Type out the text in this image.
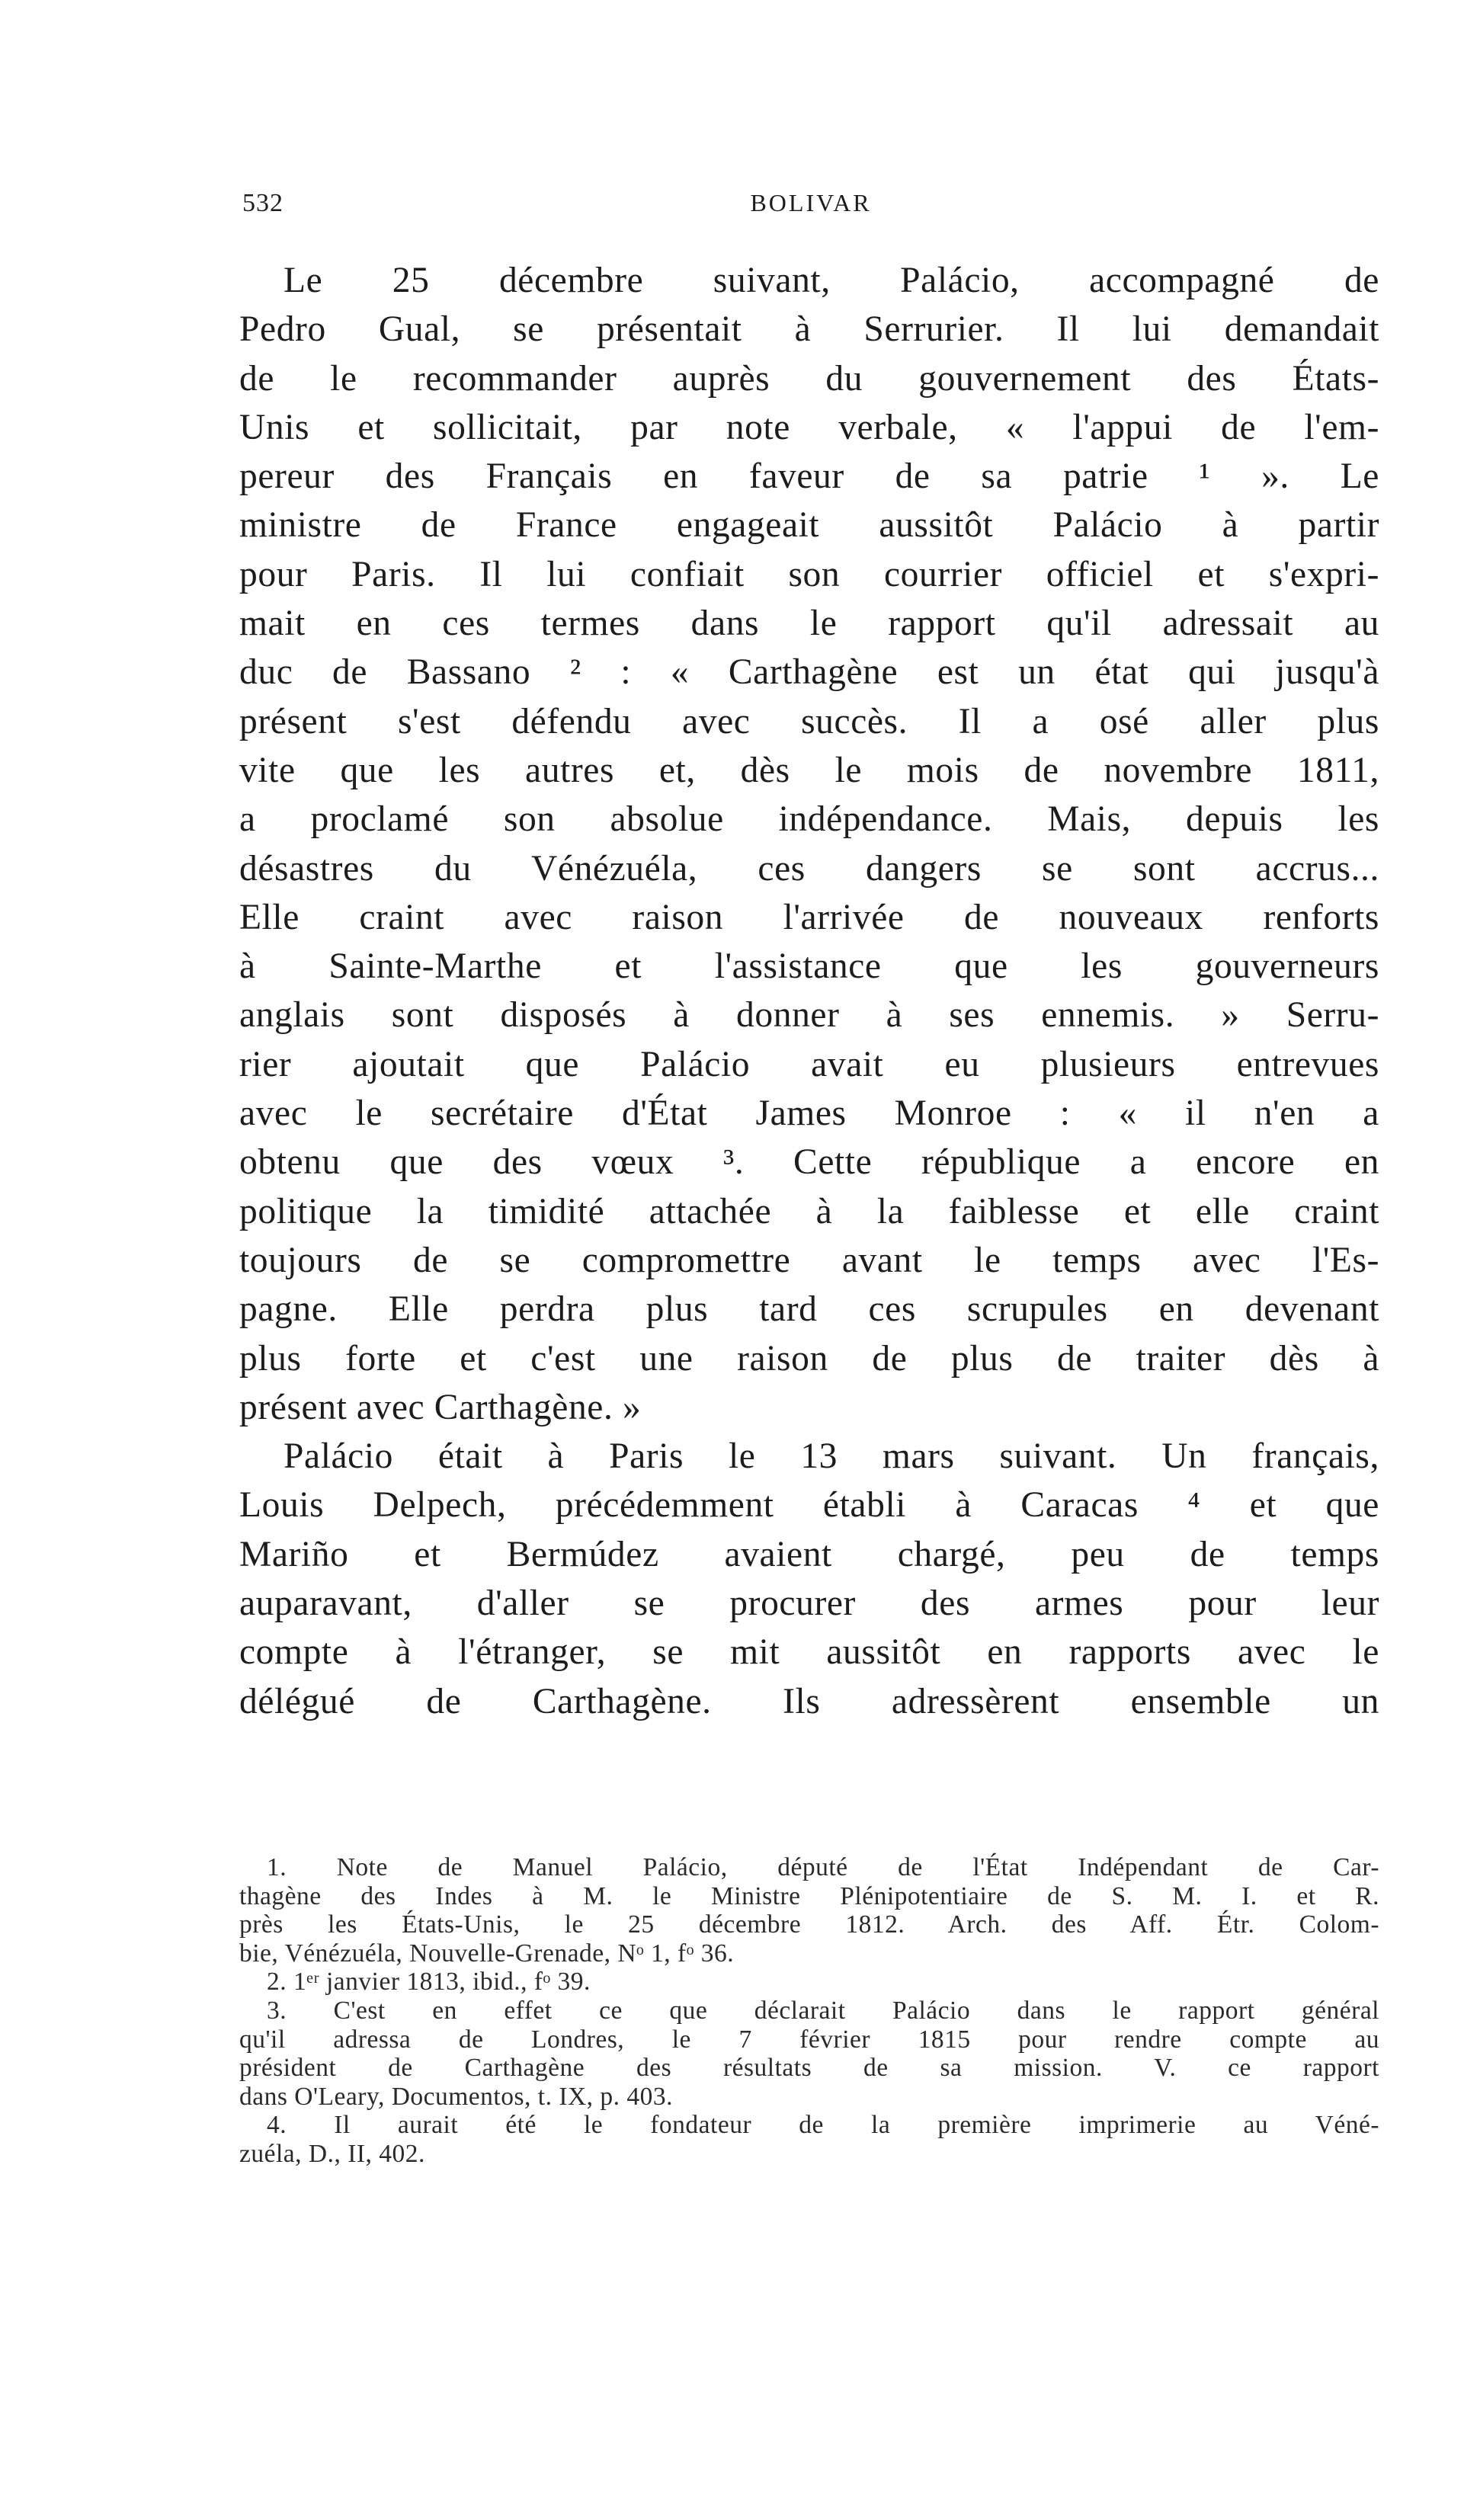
532	BOLIVAR
Le 25 décembre suivant, Palácio, accompagné de
Pedro Gual, se présentait à Serrurier. Il lui demandait
de le recommander auprès du gouvernement des États-
Unis et sollicitait, par note verbale, « l'appui de l'em-
pereur des Français en faveur de sa patrie ¹ ». Le
ministre de France engageait aussitôt Palácio à partir
pour Paris. Il lui confiait son courrier officiel et s'expri-
mait en ces termes dans le rapport qu'il adressait au
duc de Bassano ² : « Carthagène est un état qui jusqu'à
présent s'est défendu avec succès. Il a osé aller plus
vite que les autres et, dès le mois de novembre 1811,
a proclamé son absolue indépendance. Mais, depuis les
désastres du Vénézuéla, ces dangers se sont accrus...
Elle craint avec raison l'arrivée de nouveaux renforts
à Sainte-Marthe et l'assistance que les gouverneurs
anglais sont disposés à donner à ses ennemis. » Serru-
rier ajoutait que Palácio avait eu plusieurs entrevues
avec le secrétaire d'État James Monroe : « il n'en a
obtenu que des vœux ³. Cette république a encore en
politique la timidité attachée à la faiblesse et elle craint
toujours de se compromettre avant le temps avec l'Es-
pagne. Elle perdra plus tard ces scrupules en devenant
plus forte et c'est une raison de plus de traiter dès à
présent avec Carthagène. »
Palácio était à Paris le 13 mars suivant. Un français,
Louis Delpech, précédemment établi à Caracas ⁴ et que
Mariño et Bermúdez avaient chargé, peu de temps
auparavant, d'aller se procurer des armes pour leur
compte à l'étranger, se mit aussitôt en rapports avec le
délégué de Carthagène. Ils adressèrent ensemble un
1. Note de Manuel Palácio, député de l'État Indépendant de Car-
thagène des Indes à M. le Ministre Plénipotentiaire de S. M. I. et R.
près les États-Unis, le 25 décembre 1812. Arch. des Aff. Étr. Colom-
bie, Vénézuéla, Nouvelle-Grenade, Nᵒ 1, fᵒ 36.
2. 1ᵉʳ janvier 1813, ibid., fᵒ 39.
3. C'est en effet ce que déclarait Palácio dans le rapport général
qu'il adressa de Londres, le 7 février 1815 pour rendre compte au
président de Carthagène des résultats de sa mission. V. ce rapport
dans O'Leary, Documentos, t. IX, p. 403.
4. Il aurait été le fondateur de la première imprimerie au Véné-
zuéla, D., II, 402.
